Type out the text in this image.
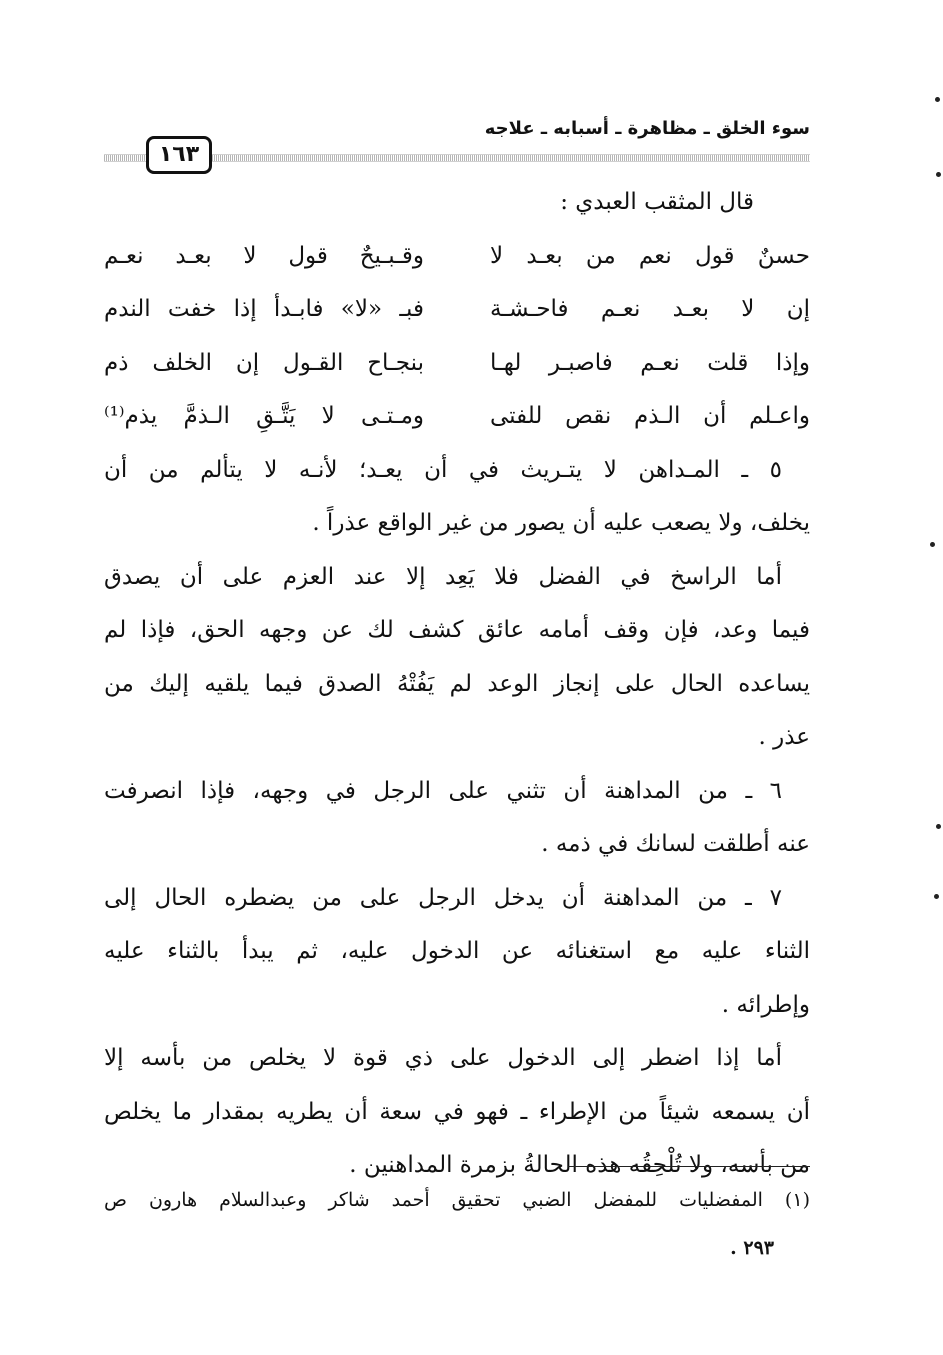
سوء الخلق ـ مظاهرة ـ أسبابه ـ علاجه
١٦٣
قال المثقب العبدي :
حسنٌ قول نعم من بعـد لا
وقـبـيحٌ قول لا بعـد نعـم
إن لا بعـد نعـم فاحـشـة
فبـ «لا» فابـدأ إذا خفت الندم
وإذا قلت نعـم فاصبـر لهـا
بنجـاح القـول إن الخلف ذم
واعـلم أن الـذم نقص للفتى
ومـتـى لا يَتَّـقِ الـذمَّ يذم⁽¹⁾
٥ ـ المـداهن لا يتـريث في أن يعـد؛ لأنـه لا يتألم من أن
يخلف، ولا يصعب عليه أن يصور من غير الواقع عذراً .
أما الراسخ في الفضل فلا يَعِد إلا عند العزم على أن يصدق
فيما وعد، فإن وقف أمامه عائق كشف لك عن وجهه الحق، فإذا لم
يساعده الحال على إنجاز الوعد لم يَفُتْهُ الصدق فيما يلقيه إليك من
عذر .
٦ ـ من المداهنة أن تثني على الرجل في وجهه، فإذا انصرفت
عنه أطلقت لسانك في ذمه .
٧ ـ من المداهنة أن يدخل الرجل على من يضطره الحال إلى
الثناء عليه مع استغنائه عن الدخول عليه، ثم يبدأ بالثناء عليه
وإطرائه .
أما إذا اضطر إلى الدخول على ذي قوة لا يخلص من بأسه إلا
أن يسمعه شيئاً من الإطراء ـ فهو في سعة أن يطريه بمقدار ما يخلص
من بأسه، ولا تُلْحِقُه هذه الحالةُ بزمرة المداهنين .
(١) المفضليات للمفضل الضبي تحقيق أحمد شاكر وعبدالسلام هارون ص
٢٩٣ .
